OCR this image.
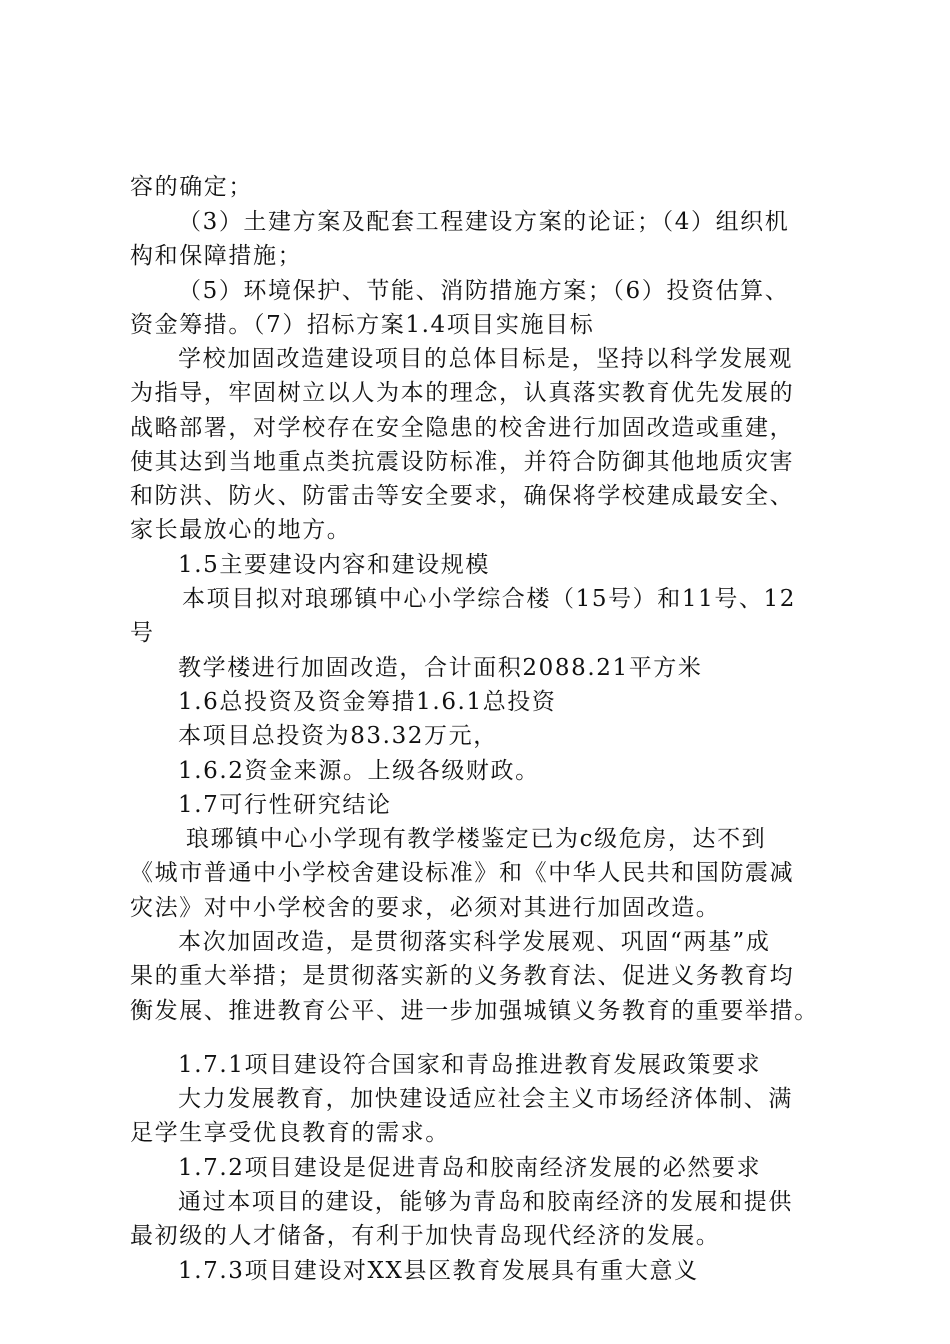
容的确定；
（3）土建方案及配套工程建设方案的论证；（4）组织机
构和保障措施；
（5）环境保护、节能、消防措施方案；（6）投资估算、
资金筹措。（7）招标方案1.4项目实施目标
学校加固改造建设项目的总体目标是，坚持以科学发展观
为指导，牢固树立以人为本的理念，认真落实教育优先发展的
战略部署，对学校存在安全隐患的校舍进行加固改造或重建，
使其达到当地重点类抗震设防标准，并符合防御其他地质灾害
和防洪、防火、防雷击等安全要求，确保将学校建成最安全、
家长最放心的地方。
1.5主要建设内容和建设规模
本项目拟对琅琊镇中心小学综合楼（15号）和11号、12
号
教学楼进行加固改造，合计面积2088.21平方米
1.6总投资及资金筹措1.6.1总投资
本项目总投资为83.32万元，
1.6.2资金来源。上级各级财政。
1.7可行性研究结论
琅琊镇中心小学现有教学楼鉴定已为c级危房，达不到
《城市普通中小学校舍建设标准》和《中华人民共和国防震减
灾法》对中小学校舍的要求，必须对其进行加固改造。
本次加固改造，是贯彻落实科学发展观、巩固“两基”成
果的重大举措；是贯彻落实新的义务教育法、促进义务教育均
衡发展、推进教育公平、进一步加强城镇义务教育的重要举措。
1.7.1项目建设符合国家和青岛推进教育发展政策要求
大力发展教育，加快建设适应社会主义市场经济体制、满
足学生享受优良教育的需求。
1.7.2项目建设是促进青岛和胶南经济发展的必然要求
通过本项目的建设，能够为青岛和胶南经济的发展和提供
最初级的人才储备，有利于加快青岛现代经济的发展。
1.7.3项目建设对XX县区教育发展具有重大意义
